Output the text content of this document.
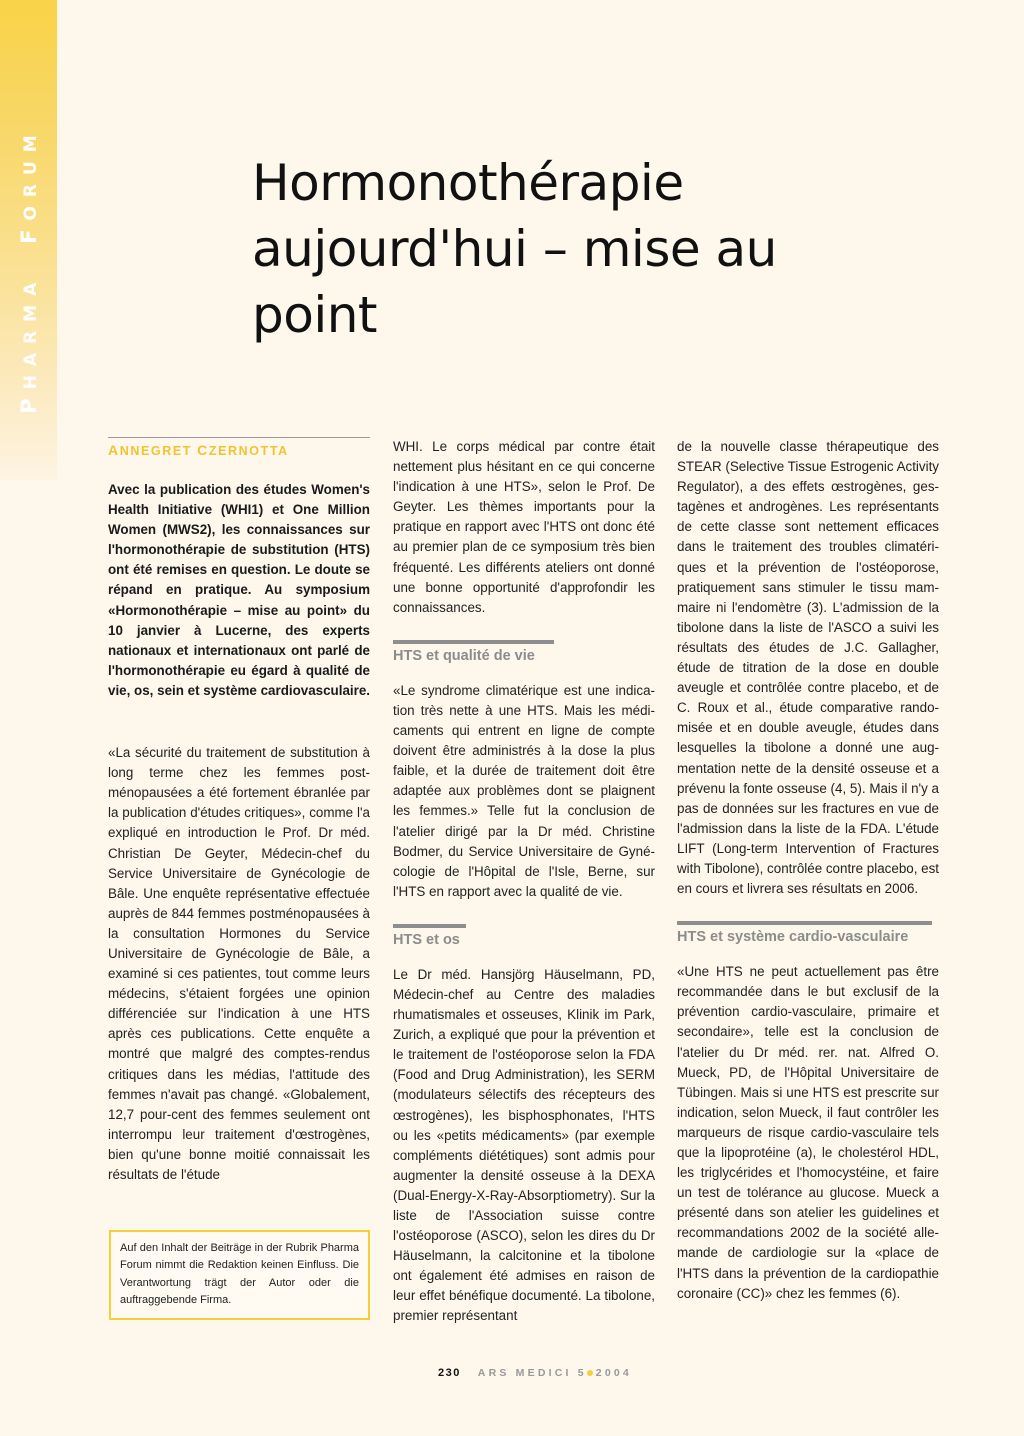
PHARMA  FORUM	Hormonothérapie
aujourd'hui – mise au
point
ANNEGRET CZERNOTTA

Avec la publication des études Women's Health Initiative (WHI1) et One Million Women (MWS2), les connaissances sur l'hormonothérapie de substitution (HTS) ont été remises en question. Le doute se répand en pratique. Au symposium «Hormonothérapie – mise au point» du 10 janvier à Lucerne, des experts nationaux et internationaux ont parlé de l'hormonothérapie eu égard à qualité de vie, os, sein et système cardiovasculaire.

«La sécurité du traitement de substitution à long terme chez les femmes postménopausées a été fortement ébranlée par la publication d'études critiques», comme l'a expliqué en introduction le Prof. Dr méd. Christian De Geyter, Médecin-chef du Service Universitaire de Gynécologie de Bâle. Une enquête représentative effectuée auprès de 844 femmes postménopausées à la consultation Hormones du Service Universitaire de Gynécologie de Bâle, a examiné si ces patientes, tout comme leurs médecins, s'étaient forgées une opinion différenciée sur l'indication à une HTS après ces publications. Cette enquête a montré que malgré des comptes-rendus critiques dans les médias, l'attitude des femmes n'avait pas changé. «Globalement, 12,7 pour-cent des femmes seulement ont interrompu leur traitement d'œstrogènes, bien qu'une bonne moitié connaissait les résultats de l'étude

Auf den Inhalt der Beiträge in der Rubrik Pharma Forum nimmt die Redaktion keinen Einfluss. Die Verantwortung trägt der Autor oder die auftraggebende Firma.

WHI. Le corps médical par contre était nettement plus hésitant en ce qui concerne l'indication à une HTS», selon le Prof. De Geyter. Les thèmes importants pour la pratique en rapport avec l'HTS ont donc été au premier plan de ce symposium très bien fréquenté. Les différents ateliers ont donné une bonne opportunité d'approfondir les connaissances.

HTS et qualité de vie

«Le syndrome climatérique est une indication très nette à une HTS. Mais les médicaments qui entrent en ligne de compte doivent être administrés à la dose la plus faible, et la durée de traitement doit être adaptée aux problèmes dont se plaignent les femmes.» Telle fut la conclusion de l'atelier dirigé par la Dr méd. Christine Bodmer, du Service Universitaire de Gynécologie de l'Hôpital de l'Isle, Berne, sur l'HTS en rapport avec la qualité de vie.

HTS et os

Le Dr méd. Hansjörg Häuselmann, PD, Médecin-chef au Centre des maladies rhumatismales et osseuses, Klinik im Park, Zurich, a expliqué que pour la prévention et le traitement de l'ostéoporose selon la FDA (Food and Drug Administration), les SERM (modulateurs sélectifs des récepteurs des œstrogènes), les bisphosphonates, l'HTS ou les «petits médicaments» (par exemple compléments diététiques) sont admis pour augmenter la densité osseuse à la DEXA (Dual-Energy-X-Ray-Absorptiometry). Sur la liste de l'Association suisse contre l'ostéoporose (ASCO), selon les dires du Dr Häuselmann, la calcitonine et la tibolone ont également été admises en raison de leur effet bénéfique documenté. La tibolone, premier représentant

de la nouvelle classe thérapeutique des STEAR (Selective Tissue Estrogenic Activity Regulator), a des effets œstrogènes, gestagènes et androgènes. Les représentants de cette classe sont nettement efficaces dans le traitement des troubles climatériques et la prévention de l'ostéoporose, pratiquement sans stimuler le tissu mammaire ni l'endomètre (3). L'admission de la tibolone dans la liste de l'ASCO a suivi les résultats des études de J.C. Gallagher, étude de titration de la dose en double aveugle et contrôlée contre placebo, et de C. Roux et al., étude comparative randomisée et en double aveugle, études dans lesquelles la tibolone a donné une augmentation nette de la densité osseuse et a prévenu la fonte osseuse (4, 5). Mais il n'y a pas de données sur les fractures en vue de l'admission dans la liste de la FDA. L'étude LIFT (Long-term Intervention of Fractures with Tibolone), contrôlée contre placebo, est en cours et livrera ses résultats en 2006.

HTS et système cardio-vasculaire

«Une HTS ne peut actuellement pas être recommandée dans le but exclusif de la prévention cardio-vasculaire, primaire et secondaire», telle est la conclusion de l'atelier du Dr méd. rer. nat. Alfred O. Mueck, PD, de l'Hôpital Universitaire de Tübingen. Mais si une HTS est prescrite sur indication, selon Mueck, il faut contrôler les marqueurs de risque cardio-vasculaire tels que la lipoprotéine (a), le cholestérol HDL, les triglycérides et l'homocystéine, et faire un test de tolérance au glucose. Mueck a présenté dans son atelier les guidelines et recommandations 2002 de la société allemande de cardiologie sur la «place de l'HTS dans la prévention de la cardiopathie coronaire (CC)» chez les femmes (6).

230 ARS MEDICI 5 2004
